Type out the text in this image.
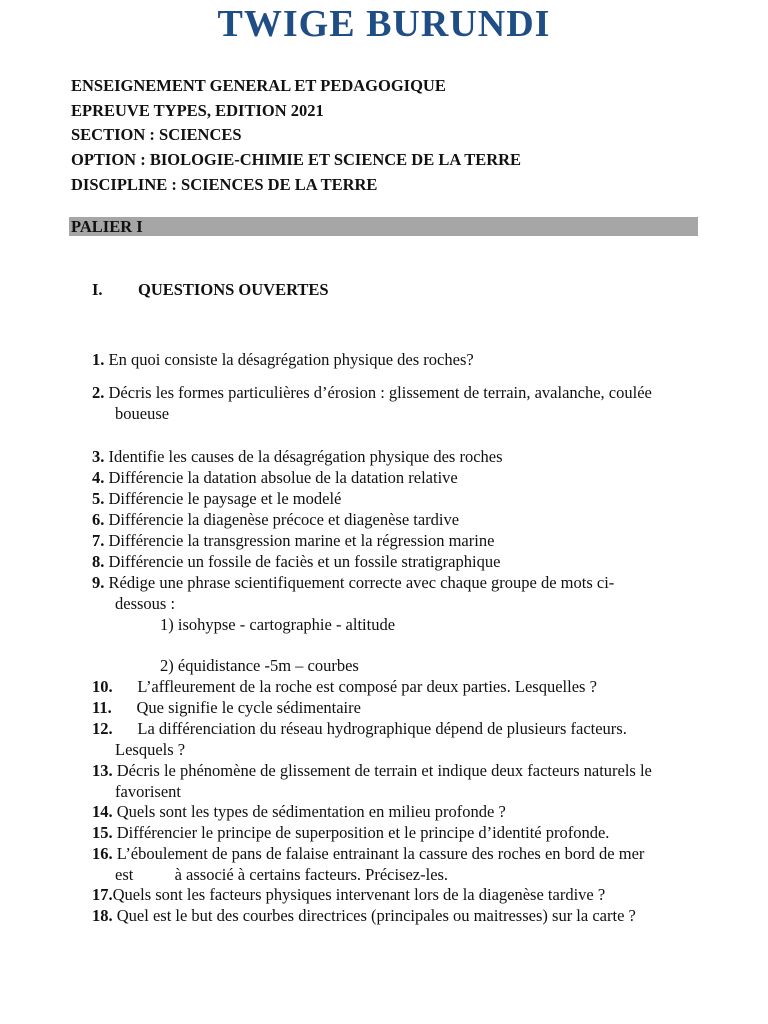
TWIGE BURUNDI
ENSEIGNEMENT GENERAL ET PEDAGOGIQUE
EPREUVE TYPES, EDITION 2021
SECTION : SCIENCES
OPTION : BIOLOGIE-CHIMIE ET SCIENCE DE LA TERRE
DISCIPLINE : SCIENCES DE LA TERRE
PALIER I
I. QUESTIONS OUVERTES
1. En quoi consiste la désagrégation physique des roches?
2. Décris les formes particulières d’érosion : glissement de terrain, avalanche, coulée
boueuse
3. Identifie les causes de la désagrégation physique des roches
4. Différencie la datation absolue de la datation relative
5. Différencie le paysage et le modelé
6. Différencie la diagenèse précoce et diagenèse tardive
7. Différencie la transgression marine et la régression marine
8. Différencie un fossile de faciès et un fossile stratigraphique
9. Rédige une phrase scientifiquement correcte avec chaque groupe de mots ci-
dessous :
1) isohypse - cartographie - altitude
2) équidistance -5m – courbes
10. L’affleurement de la roche est composé par deux parties. Lesquelles ?
11. Que signifie le cycle sédimentaire
12. La différenciation du réseau hydrographique dépend de plusieurs facteurs.
Lesquels ?
13. Décris le phénomène de glissement de terrain et indique deux facteurs naturels le
favorisent
14. Quels sont les types de sédimentation en milieu profonde ?
15. Différencier le principe de superposition et le principe d’identité profonde.
16. L’éboulement de pans de falaise entrainant la cassure des roches en bord de mer
est          à associé à certains facteurs. Précisez-les.
17.Quels sont les facteurs physiques intervenant lors de la diagenèse tardive ?
18. Quel est le but des courbes directrices (principales ou maitresses) sur la carte ?
